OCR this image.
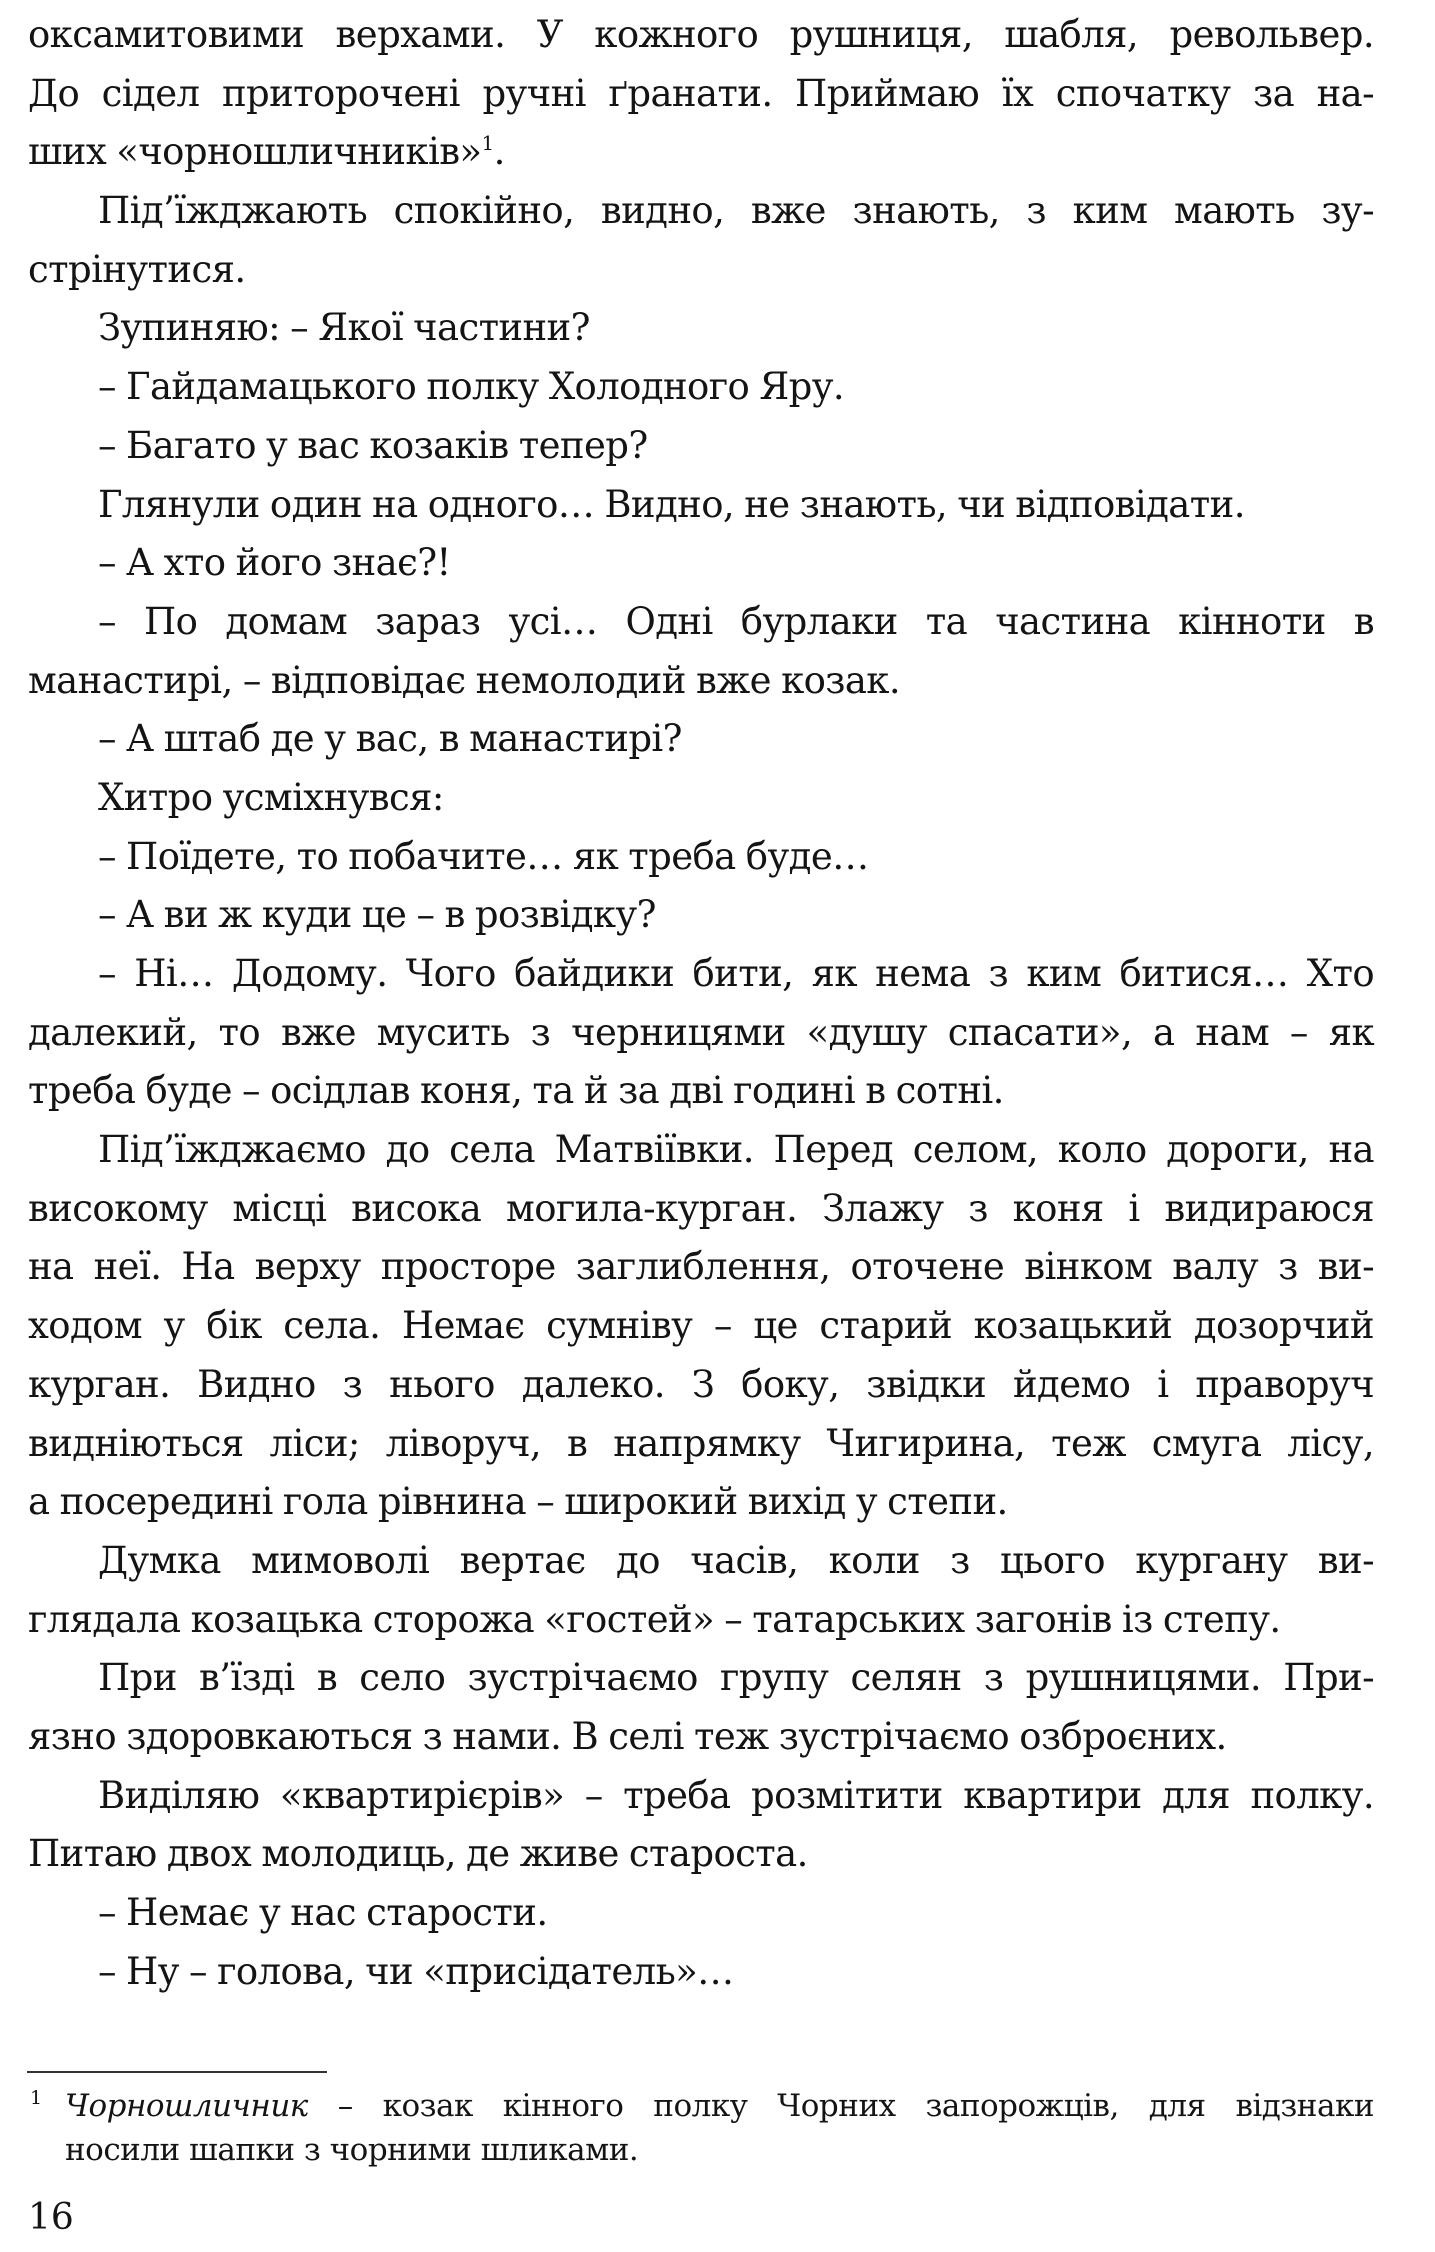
оксамитовими верхами. У кожного рушниця, шабля, револьвер.
До сідел приторочені ручні ґранати. Приймаю їх спочатку за на-
ших «чорношличників»$^1$.
Під’їжджають спокійно, видно, вже знають, з ким мають зу-
стрінутися.
Зупиняю: – Якої частини?
– Гайдамацького полку Холодного Яру.
– Багато у вас козаків тепер?
Глянули один на одного… Видно, не знають, чи відповідати.
– А хто його знає?!
– По домам зараз усі… Одні бурлаки та частина кінноти в
манастирі, – відповідає немолодий вже козак.
– А штаб де у вас, в манастирі?
Хитро усміхнувся:
– Поїдете, то побачите… як треба буде…
– А ви ж куди це – в розвідку?
– Ні… Додому. Чого байдики бити, як нема з ким битися… Хто
далекий, то вже мусить з черницями «душу спасати», а нам – як
треба буде – осідлав коня, та й за дві годині в сотні.
Під’їжджаємо до села Матвіївки. Перед селом, коло дороги, на
високому місці висока могила-курган. Злажу з коня і видираюся
на неї. На верху просторе заглиблення, оточене вінком валу з ви-
ходом у бік села. Немає сумніву – це старий козацький дозорчий
курган. Видно з нього далеко. З боку, звідки йдемо і праворуч
видніються ліси; ліворуч, в напрямку Чигирина, теж смуга лісу,
а посередині гола рівнина – широкий вихід у степи.
Думка мимоволі вертає до часів, коли з цього кургану ви-
глядала козацька сторожа «гостей» – татарських загонів із степу.
При в’їзді в село зустрічаємо групу селян з рушницями. При-
язно здоровкаються з нами. В селі теж зустрічаємо озброєних.
Виділяю «квартирієрів» – треба розмітити квартири для полку.
Питаю двох молодиць, де живе староста.
– Немає у нас старости.
– Ну – голова, чи «присідатель»…
1 Чорношличник – козак кінного полку Чорних запорожців, для відзнаки
носили шапки з чорними шликами.
16
